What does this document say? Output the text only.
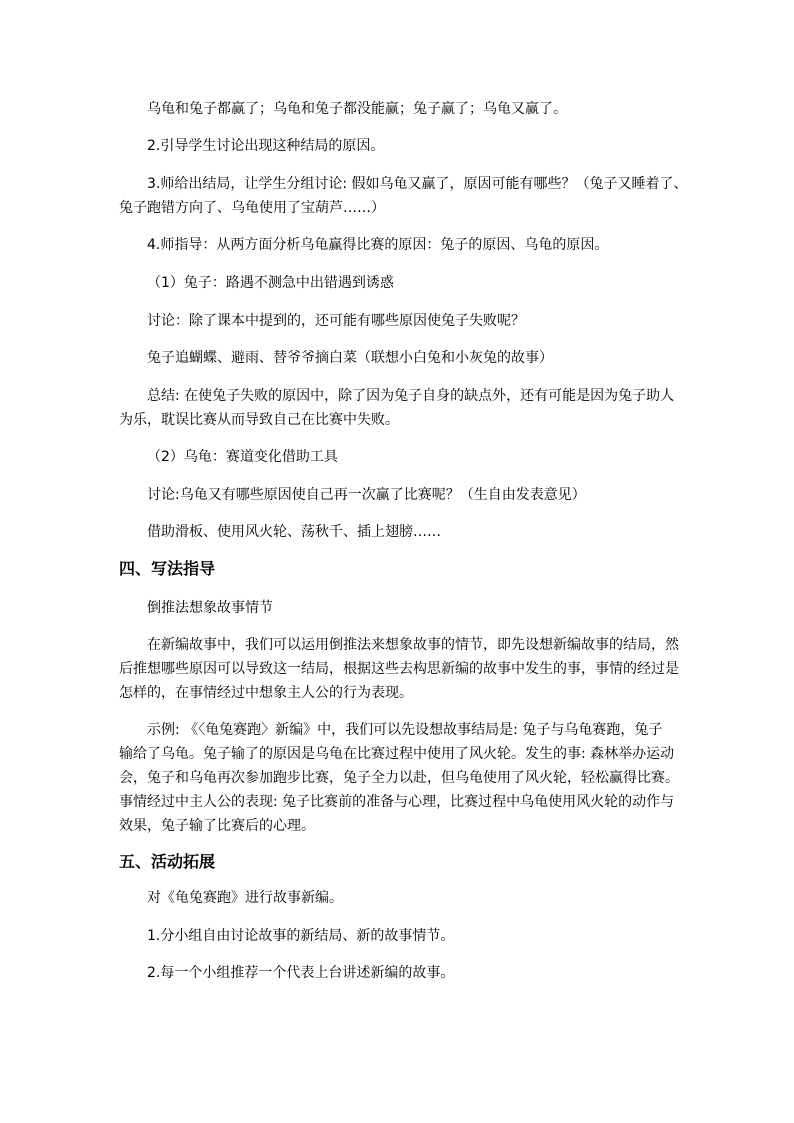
乌龟和兔子都赢了；乌龟和兔子都没能赢；兔子赢了；乌龟又赢了。
2.引导学生讨论出现这种结局的原因。
3.师给出结局，让学生分组讨论: 假如乌龟又赢了，原因可能有哪些？（兔子又睡着了、
兔子跑错方向了、乌龟使用了宝葫芦……）
4.师指导：从两方面分析乌龟赢得比赛的原因：兔子的原因、乌龟的原因。
（1）兔子：路遇不测急中出错遇到诱惑
讨论：除了课本中提到的，还可能有哪些原因使兔子失败呢？
兔子追蝴蝶、避雨、替爷爷摘白菜（联想小白兔和小灰兔的故事）
总结: 在使兔子失败的原因中，除了因为兔子自身的缺点外，还有可能是因为兔子助人
为乐，耽误比赛从而导致自己在比赛中失败。
（2）乌龟：赛道变化借助工具
讨论:乌龟又有哪些原因使自己再一次赢了比赛呢？（生自由发表意见）
借助滑板、使用风火轮、荡秋千、插上翅膀……
四、写法指导
倒推法想象故事情节
在新编故事中，我们可以运用倒推法来想象故事的情节，即先设想新编故事的结局，然
后推想哪些原因可以导致这一结局，根据这些去构思新编的故事中发生的事，事情的经过是
怎样的，在事情经过中想象主人公的行为表现。
示例: 《〈龟兔赛跑〉新编》中，我们可以先设想故事结局是: 兔子与乌龟赛跑，兔子
输给了乌龟。兔子输了的原因是乌龟在比赛过程中使用了风火轮。发生的事: 森林举办运动
会，兔子和乌龟再次参加跑步比赛，兔子全力以赴，但乌龟使用了风火轮，轻松赢得比赛。
事情经过中主人公的表现: 兔子比赛前的准备与心理，比赛过程中乌龟使用风火轮的动作与
效果，兔子输了比赛后的心理。
五、活动拓展
对《龟兔赛跑》进行故事新编。
1.分小组自由讨论故事的新结局、新的故事情节。
2.每一个小组推荐一个代表上台讲述新编的故事。
